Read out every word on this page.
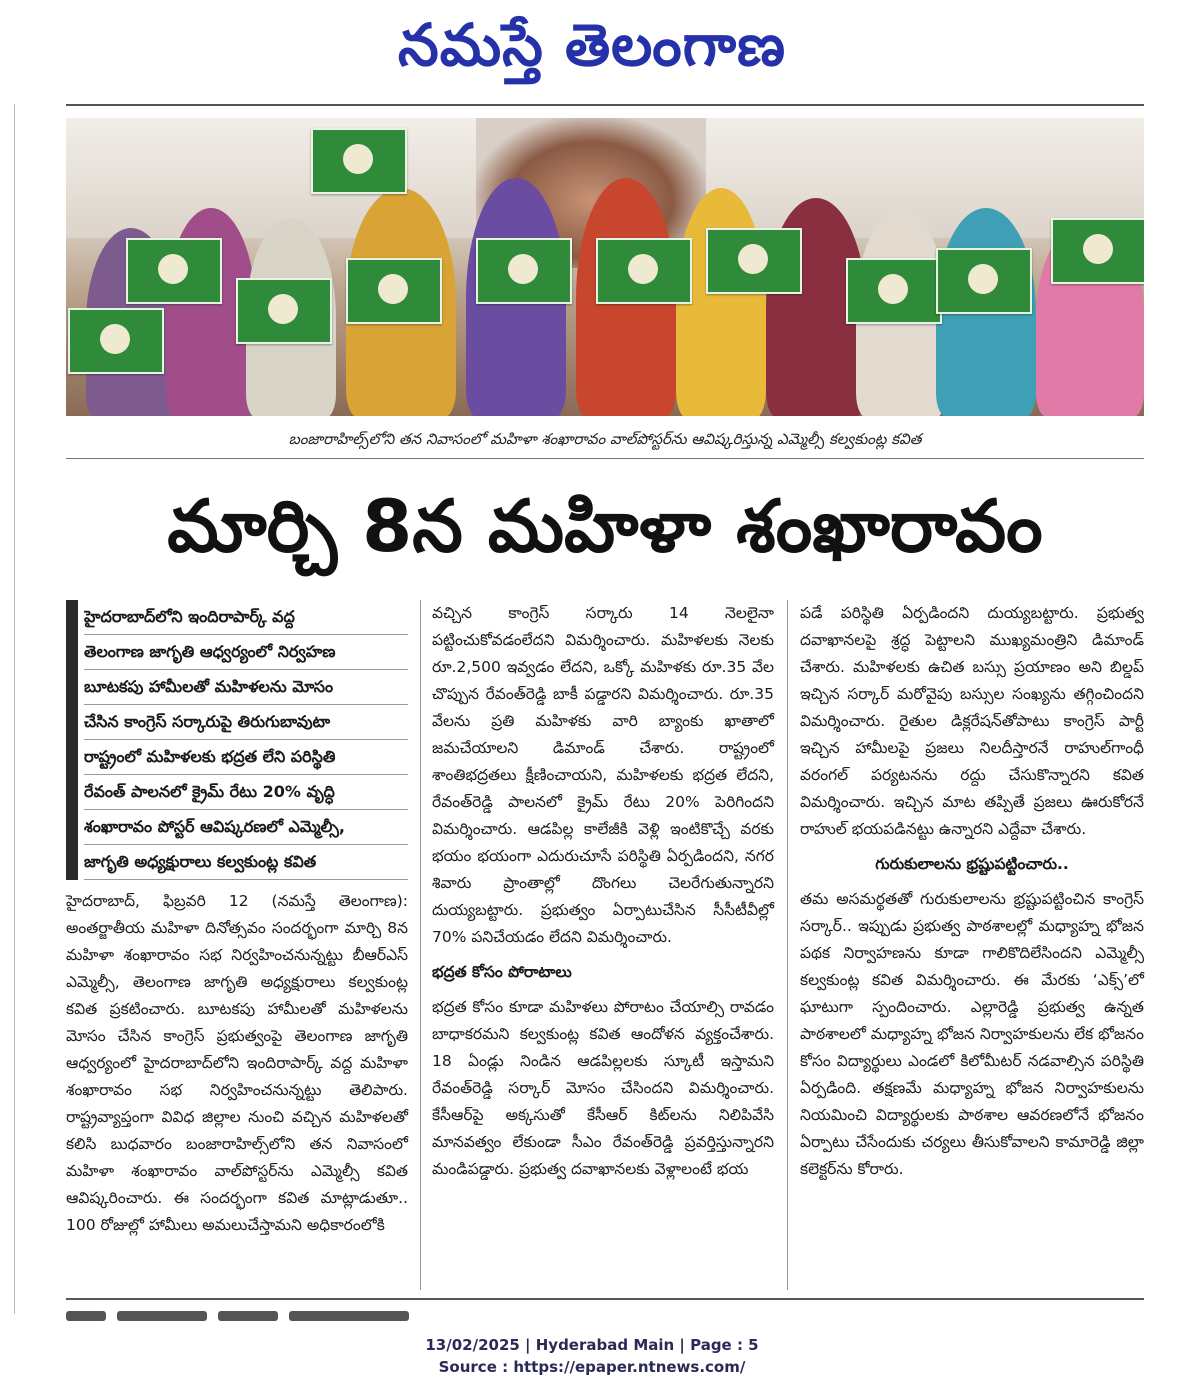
నమస్తే తెలంగాణ
బంజారాహిల్స్‌లోని తన నివాసంలో మహిళా శంఖారావం వాల్‌పోస్టర్‌ను ఆవిష్కరిస్తున్న ఎమ్మెల్సీ కల్వకుంట్ల కవిత
మార్చి 8న మహిళా శంఖారావం
హైదరాబాద్‌లోని ఇందిరాపార్క్ వద్ద
తెలంగాణ జాగృతి ఆధ్వర్యంలో నిర్వహణ
బూటకపు హామీలతో మహిళలను మోసం
చేసిన కాంగ్రెస్ సర్కారుపై తిరుగుబావుటా
రాష్ట్రంలో మహిళలకు భద్రత లేని పరిస్థితి
రేవంత్ పాలనలో క్రైమ్ రేటు 20% వృద్ధి
శంఖారావం పోస్టర్ ఆవిష్కరణలో ఎమ్మెల్సీ,
జాగృతి అధ్యక్షురాలు కల్వకుంట్ల కవిత

హైదరాబాద్, ఫిబ్రవరి 12 (నమస్తే తెలంగాణ): అంతర్జాతీయ మహిళా దినోత్సవం సందర్భంగా మార్చి 8న మహిళా శంఖారావం సభ నిర్వహించనున్నట్టు బీఆర్ఎస్ ఎమ్మెల్సీ, తెలంగాణ జాగృతి అధ్యక్షురాలు కల్వకుంట్ల కవిత ప్రకటించారు. బూటకపు హామీలతో మహిళలను మోసం చేసిన కాంగ్రెస్ ప్రభుత్వంపై తెలంగాణ జాగృతి ఆధ్వర్యంలో హైదరాబాద్‌లోని ఇందిరాపార్క్ వద్ద మహిళా శంఖారావం సభ నిర్వహించనున్నట్టు తెలిపారు. రాష్ట్రవ్యాప్తంగా వివిధ జిల్లాల నుంచి వచ్చిన మహిళలతో కలిసి బుధవారం బంజారాహిల్స్‌లోని తన నివాసంలో మహిళా శంఖారావం వాల్‌పోస్టర్‌ను ఎమ్మెల్సీ కవిత ఆవిష్కరించారు. ఈ సందర్భంగా కవిత మాట్లాడుతూ.. 100 రోజుల్లో హామీలు అమలుచేస్తామని అధికారంలోకి

వచ్చిన కాంగ్రెస్ సర్కారు 14 నెలలైనా పట్టించుకోవడంలేదని విమర్శించారు. మహిళలకు నెలకు రూ.2,500 ఇవ్వడం లేదని, ఒక్కో మహిళకు రూ.35 వేల చొప్పున రేవంత్‌రెడ్డి బాకీ పడ్డారని విమర్శించారు. రూ.35 వేలను ప్రతి మహిళకు వారి బ్యాంకు ఖాతాలో జమచేయాలని డిమాండ్ చేశారు. రాష్ట్రంలో శాంతిభద్రతలు క్షీణించాయని, మహిళలకు భద్రత లేదని, రేవంత్‌రెడ్డి పాలనలో క్రైమ్ రేటు 20% పెరిగిందని విమర్శించారు. ఆడపిల్ల కాలేజీకి వెళ్లి ఇంటికొచ్చే వరకు భయం భయంగా ఎదురుచూసే పరిస్థితి ఏర్పడిందని, నగర శివారు ప్రాంతాల్లో దొంగలు చెలరేగుతున్నారని దుయ్యబట్టారు. ప్రభుత్వం ఏర్పాటుచేసిన సీసీటీవీల్లో 70% పనిచేయడం లేదని విమర్శించారు.

భద్రత కోసం పోరాటాలు

భద్రత కోసం కూడా మహిళలు పోరాటం చేయాల్సి రావడం బాధాకరమని కల్వకుంట్ల కవిత ఆందోళన వ్యక్తంచేశారు. 18 ఏండ్లు నిండిన ఆడపిల్లలకు స్కూటీ ఇస్తామని రేవంత్‌రెడ్డి సర్కార్ మోసం చేసిందని విమర్శించారు. కేసీఆర్‌పై అక్కసుతో కేసీఆర్ కిట్‌లను నిలిపివేసి మానవత్వం లేకుండా సీఎం రేవంత్‌రెడ్డి ప్రవర్తిస్తున్నారని మండిపడ్డారు. ప్రభుత్వ దవాఖానలకు వెళ్లాలంటే భయ

పడే పరిస్థితి ఏర్పడిందని దుయ్యబట్టారు. ప్రభుత్వ దవాఖానలపై శ్రద్ధ పెట్టాలని ముఖ్యమంత్రిని డిమాండ్ చేశారు. మహిళలకు ఉచిత బస్సు ప్రయాణం అని బిల్డప్ ఇచ్చిన సర్కార్ మరోవైపు బస్సుల సంఖ్యను తగ్గించిందని విమర్శించారు. రైతుల డిక్లరేషన్‌తోపాటు కాంగ్రెస్ పార్టీ ఇచ్చిన హామీలపై ప్రజలు నిలదీస్తారనే రాహుల్‌గాంధీ వరంగల్ పర్యటనను రద్దు చేసుకొన్నారని కవిత విమర్శించారు. ఇచ్చిన మాట తప్పితే ప్రజలు ఊరుకోరనే రాహుల్ భయపడినట్టు ఉన్నారని ఎద్దేవా చేశారు.

గురుకులాలను భ్రష్టుపట్టించారు..

తమ అసమర్థతతో గురుకులాలను భ్రష్టుపట్టించిన కాంగ్రెస్ సర్కార్.. ఇప్పుడు ప్రభుత్వ పాఠశాలల్లో మధ్యాహ్న భోజన పథక నిర్వాహణను కూడా గాలికొదిలేసిందని ఎమ్మెల్సీ కల్వకుంట్ల కవిత విమర్శించారు. ఈ మేరకు ‘ఎక్స్’లో ఘాటుగా స్పందించారు. ఎల్లారెడ్డి ప్రభుత్వ ఉన్నత పాఠశాలలో మధ్యాహ్న భోజన నిర్వాహకులను లేక భోజనం కోసం విద్యార్థులు ఎండలో కిలోమీటర్ నడవాల్సిన పరిస్థితి ఏర్పడింది. తక్షణమే మధ్యాహ్న భోజన నిర్వాహకులను నియమించి విద్యార్థులకు పాఠశాల ఆవరణలోనే భోజనం ఏర్పాటు చేసేందుకు చర్యలు తీసుకోవాలని కామారెడ్డి జిల్లా కలెక్టర్‌ను కోరారు.

13/02/2025 | Hyderabad Main | Page : 5
Source : https://epaper.ntnews.com/
